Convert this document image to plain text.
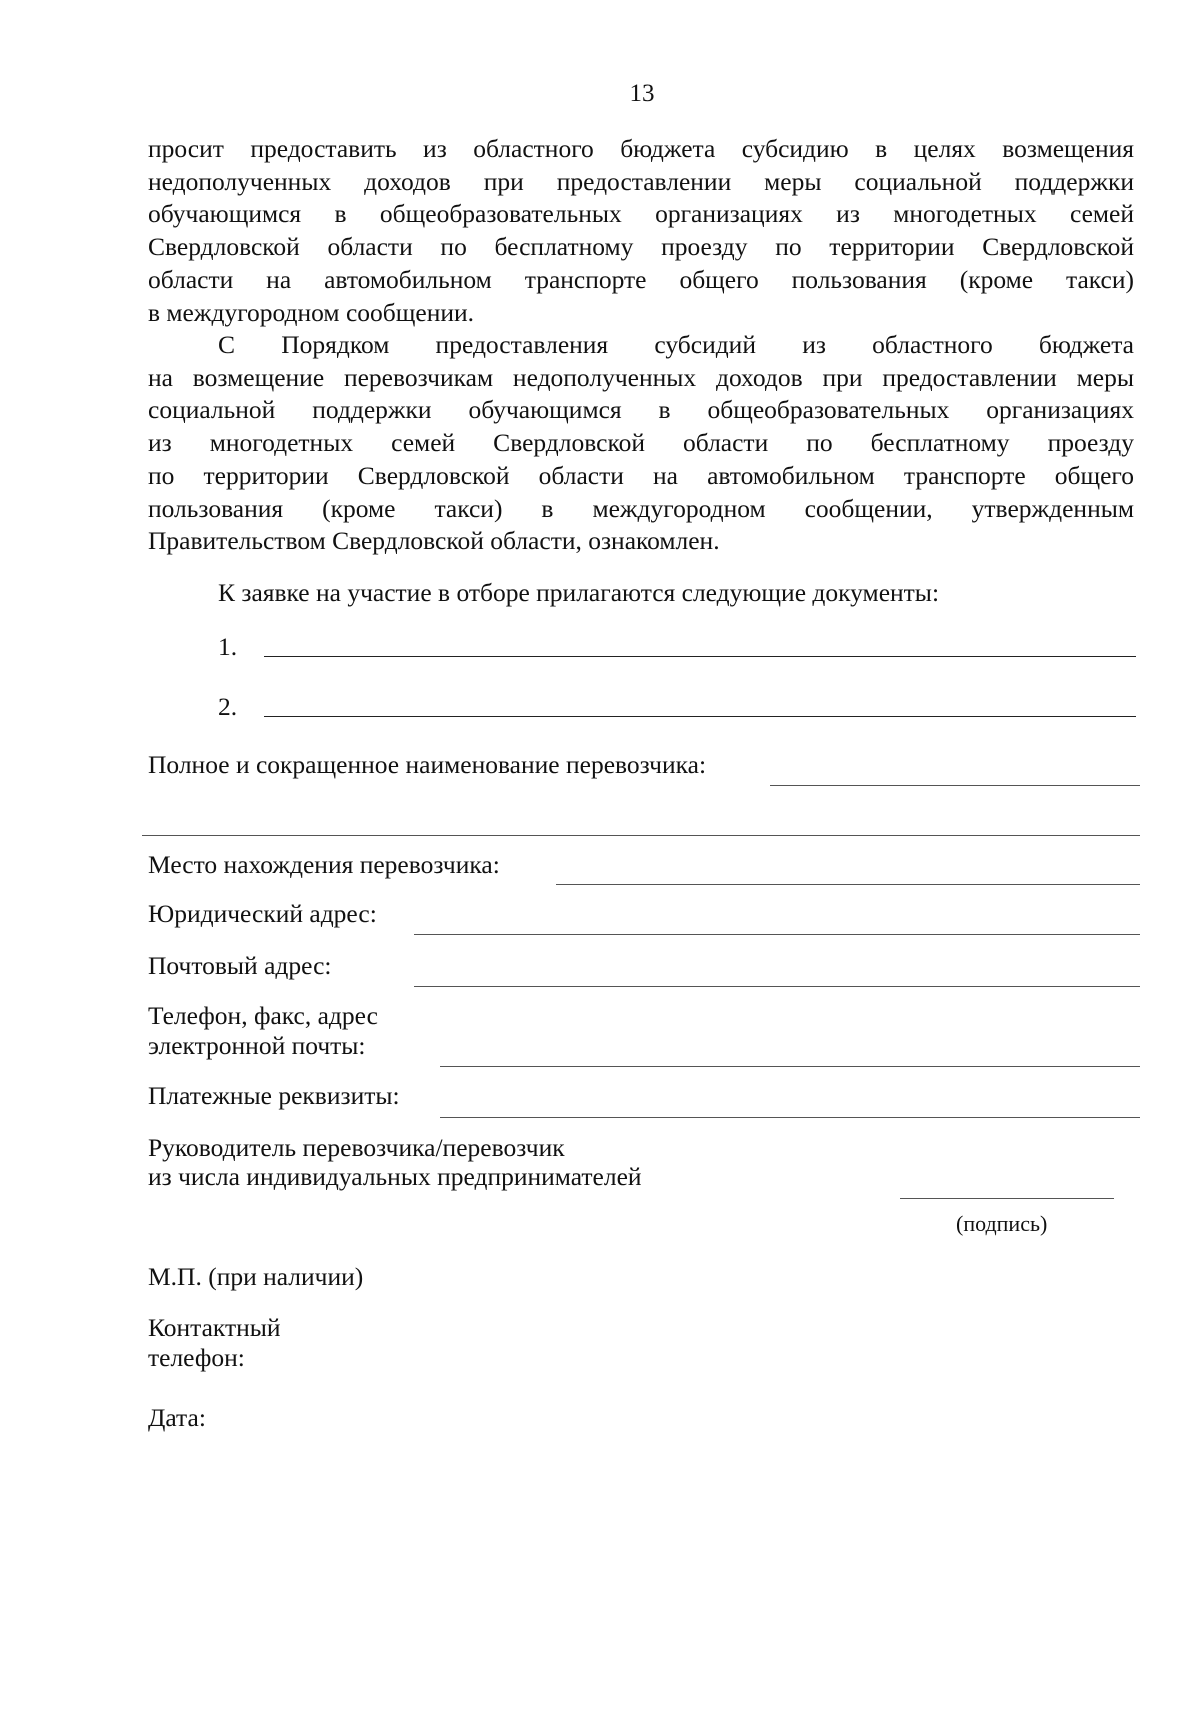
13
просит предоставить из областного бюджета субсидию в целях возмещения
недополученных доходов при предоставлении меры социальной поддержки
обучающимся в общеобразовательных организациях из многодетных семей
Свердловской области по бесплатному проезду по территории Свердловской
области на автомобильном транспорте общего пользования (кроме такси)
в междугородном сообщении.
С Порядком предоставления субсидий из областного бюджета
на возмещение перевозчикам недополученных доходов при предоставлении меры
социальной поддержки обучающимся в общеобразовательных организациях
из многодетных семей Свердловской области по бесплатному проезду
по территории Свердловской области на автомобильном транспорте общего
пользования (кроме такси) в междугородном сообщении, утвержденным
Правительством Свердловской области, ознакомлен.
К заявке на участие в отборе прилагаются следующие документы:
1.
2.
Полное и сокращенное наименование перевозчика:
Место нахождения перевозчика:
Юридический адрес:
Почтовый адрес:
Телефон, факс, адрес
электронной почты:
Платежные реквизиты:
Руководитель перевозчика/перевозчик
из числа индивидуальных предпринимателей
(подпись)
М.П. (при наличии)
Контактный
телефон:
Дата:
